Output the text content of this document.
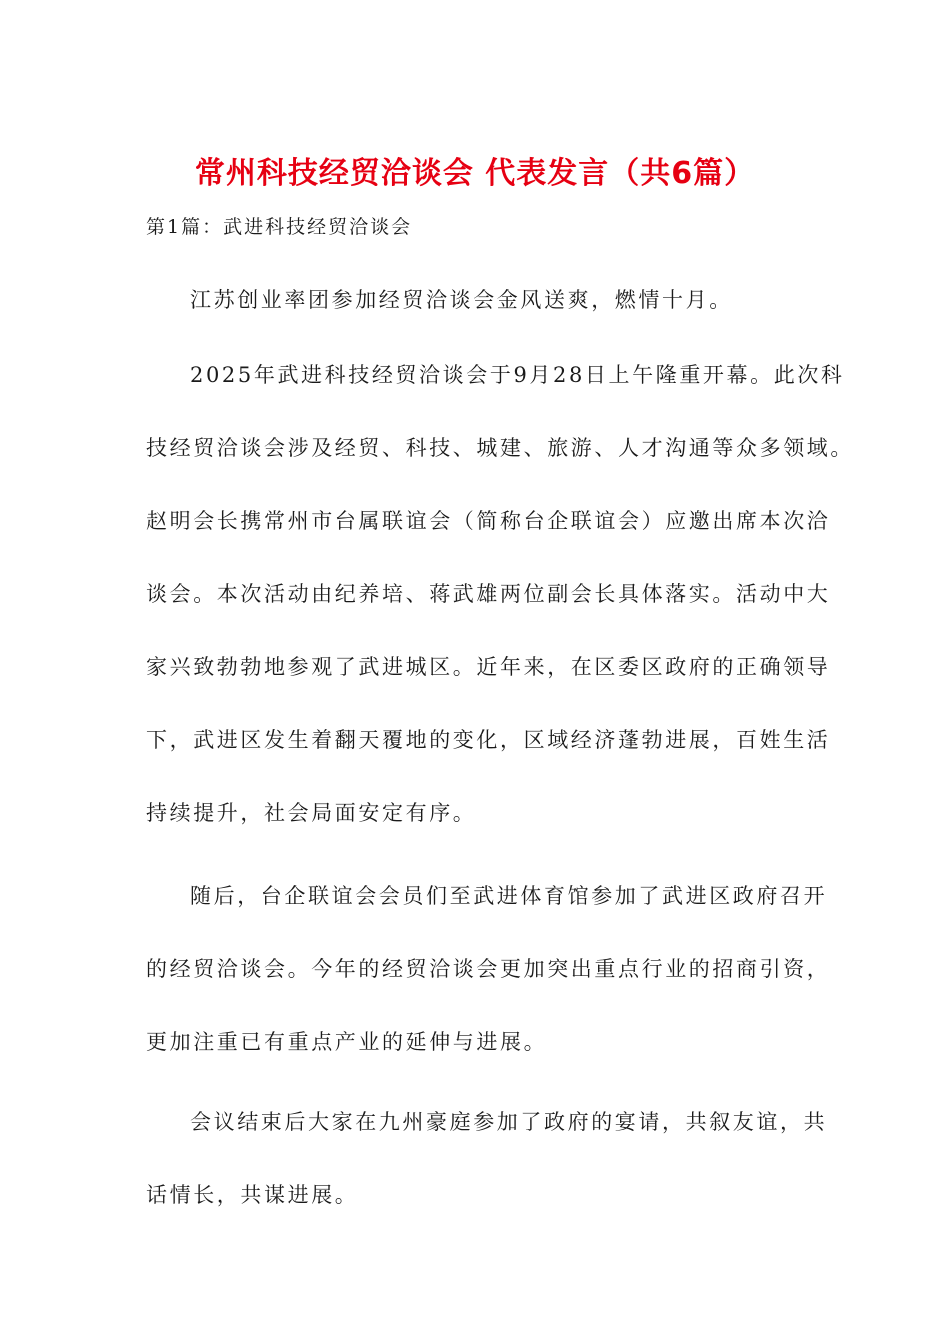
常州科技经贸洽谈会 代表发言（共6篇）
第1篇：武进科技经贸洽谈会
江苏创业率团参加经贸洽谈会金风送爽，燃情十月。
2025年武进科技经贸洽谈会于9月28日上午隆重开幕。此次科
技经贸洽谈会涉及经贸、科技、城建、旅游、人才沟通等众多领域。
赵明会长携常州市台属联谊会（简称台企联谊会）应邀出席本次洽
谈会。本次活动由纪养培、蒋武雄两位副会长具体落实。活动中大
家兴致勃勃地参观了武进城区。近年来，在区委区政府的正确领导
下，武进区发生着翻天覆地的变化，区域经济蓬勃进展，百姓生活
持续提升，社会局面安定有序。
随后，台企联谊会会员们至武进体育馆参加了武进区政府召开
的经贸洽谈会。今年的经贸洽谈会更加突出重点行业的招商引资，
更加注重已有重点产业的延伸与进展。
会议结束后大家在九州豪庭参加了政府的宴请，共叙友谊，共
话情长，共谋进展。
